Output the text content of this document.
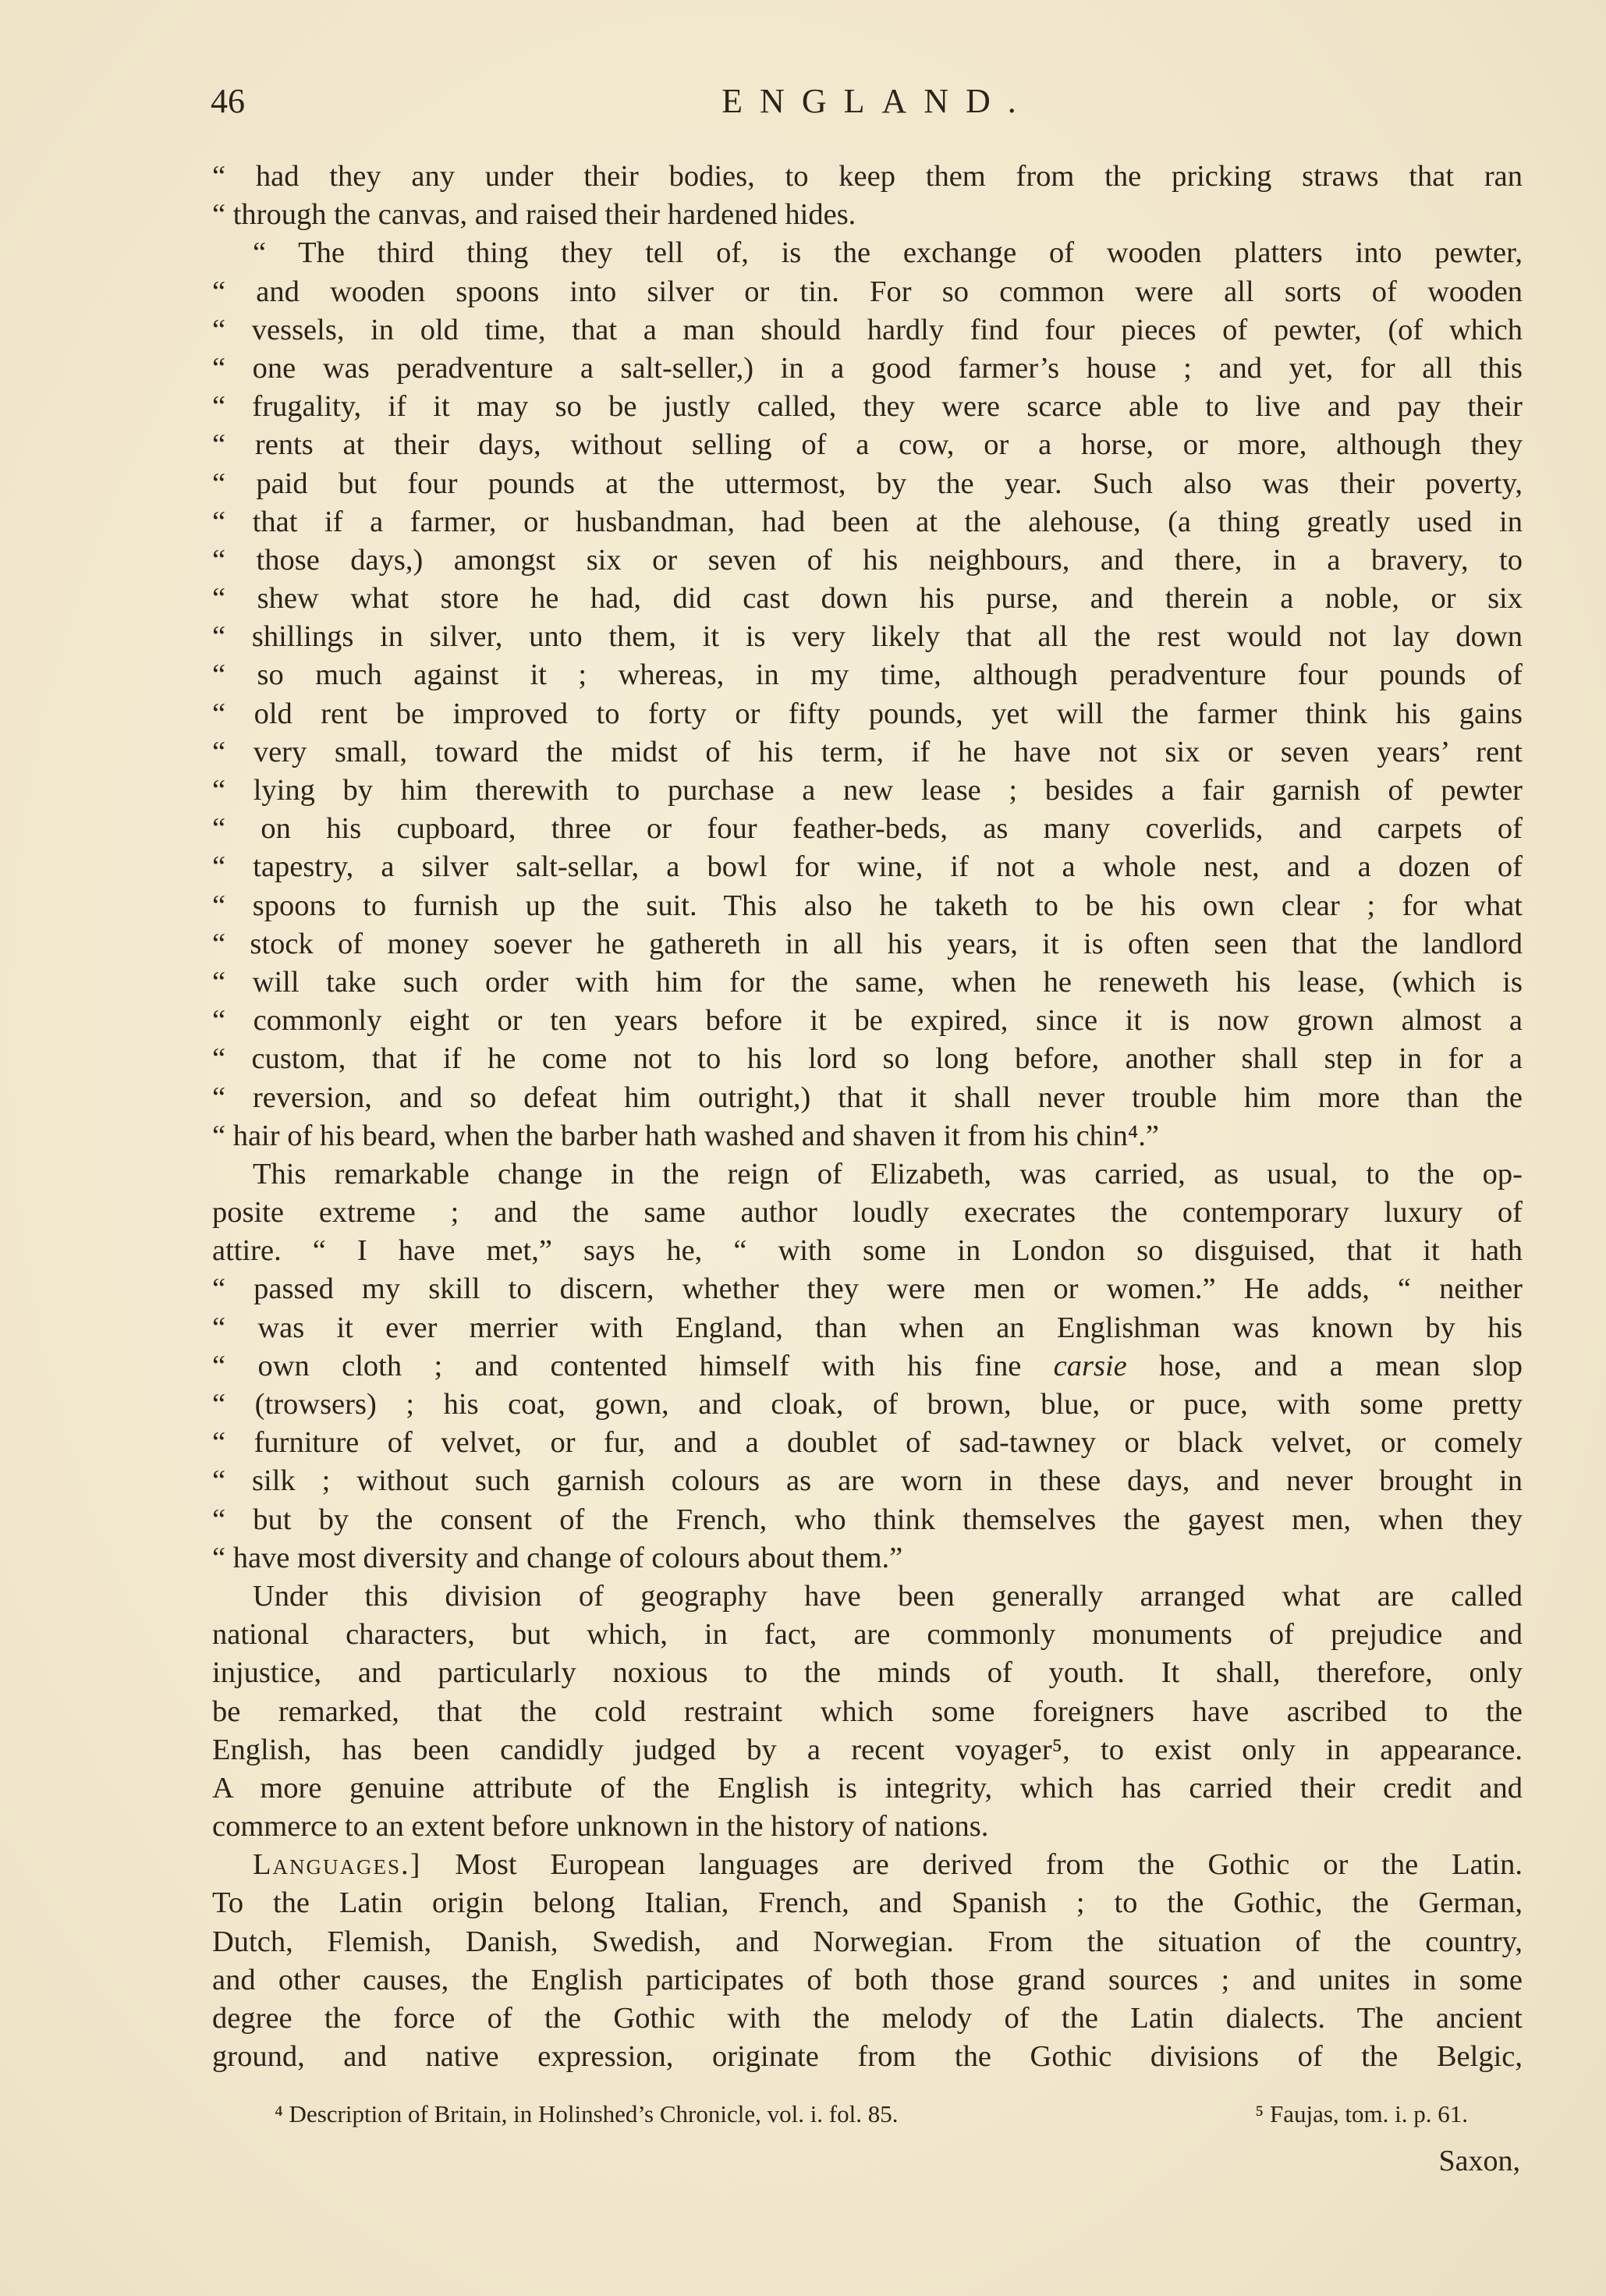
46	ENGLAND.
“ had they any under their bodies, to keep them from the pricking straws that ran
“ through the canvas, and raised their hardened hides.
“ The third thing they tell of, is the exchange of wooden platters into pewter,
“ and wooden spoons into silver or tin. For so common were all sorts of wooden
“ vessels, in old time, that a man should hardly find four pieces of pewter, (of which
“ one was peradventure a salt-seller,) in a good farmer’s house ; and yet, for all this
“ frugality, if it may so be justly called, they were scarce able to live and pay their
“ rents at their days, without selling of a cow, or a horse, or more, although they
“ paid but four pounds at the uttermost, by the year. Such also was their poverty,
“ that if a farmer, or husbandman, had been at the alehouse, (a thing greatly used in
“ those days,) amongst six or seven of his neighbours, and there, in a bravery, to
“ shew what store he had, did cast down his purse, and therein a noble, or six
“ shillings in silver, unto them, it is very likely that all the rest would not lay down
“ so much against it ; whereas, in my time, although peradventure four pounds of
“ old rent be improved to forty or fifty pounds, yet will the farmer think his gains
“ very small, toward the midst of his term, if he have not six or seven years’ rent
“ lying by him therewith to purchase a new lease ; besides a fair garnish of pewter
“ on his cupboard, three or four feather-beds, as many coverlids, and carpets of
“ tapestry, a silver salt-sellar, a bowl for wine, if not a whole nest, and a dozen of
“ spoons to furnish up the suit. This also he taketh to be his own clear ; for what
“ stock of money soever he gathereth in all his years, it is often seen that the landlord
“ will take such order with him for the same, when he reneweth his lease, (which is
“ commonly eight or ten years before it be expired, since it is now grown almost a
“ custom, that if he come not to his lord so long before, another shall step in for a
“ reversion, and so defeat him outright,) that it shall never trouble him more than the
“ hair of his beard, when the barber hath washed and shaven it from his chin⁴.”
This remarkable change in the reign of Elizabeth, was carried, as usual, to the op-
posite extreme ; and the same author loudly execrates the contemporary luxury of
attire. “ I have met,” says he, “ with some in London so disguised, that it hath
“ passed my skill to discern, whether they were men or women.” He adds, “ neither
“ was it ever merrier with England, than when an Englishman was known by his
“ own cloth ; and contented himself with his fine carsie hose, and a mean slop
“ (trowsers) ; his coat, gown, and cloak, of brown, blue, or puce, with some pretty
“ furniture of velvet, or fur, and a doublet of sad-tawney or black velvet, or comely
“ silk ; without such garnish colours as are worn in these days, and never brought in
“ but by the consent of the French, who think themselves the gayest men, when they
“ have most diversity and change of colours about them.”
Under this division of geography have been generally arranged what are called
national characters, but which, in fact, are commonly monuments of prejudice and
injustice, and particularly noxious to the minds of youth. It shall, therefore, only
be remarked, that the cold restraint which some foreigners have ascribed to the
English, has been candidly judged by a recent voyager⁵, to exist only in appearance.
A more genuine attribute of the English is integrity, which has carried their credit and
commerce to an extent before unknown in the history of nations.
Languages.] Most European languages are derived from the Gothic or the Latin.
To the Latin origin belong Italian, French, and Spanish ; to the Gothic, the German,
Dutch, Flemish, Danish, Swedish, and Norwegian. From the situation of the country,
and other causes, the English participates of both those grand sources ; and unites in some
degree the force of the Gothic with the melody of the Latin dialects. The ancient
ground, and native expression, originate from the Gothic divisions of the Belgic,
⁴ Description of Britain, in Holinshed’s Chronicle, vol. i. fol. 85.	⁵ Faujas, tom. i. p. 61.
Saxon,
